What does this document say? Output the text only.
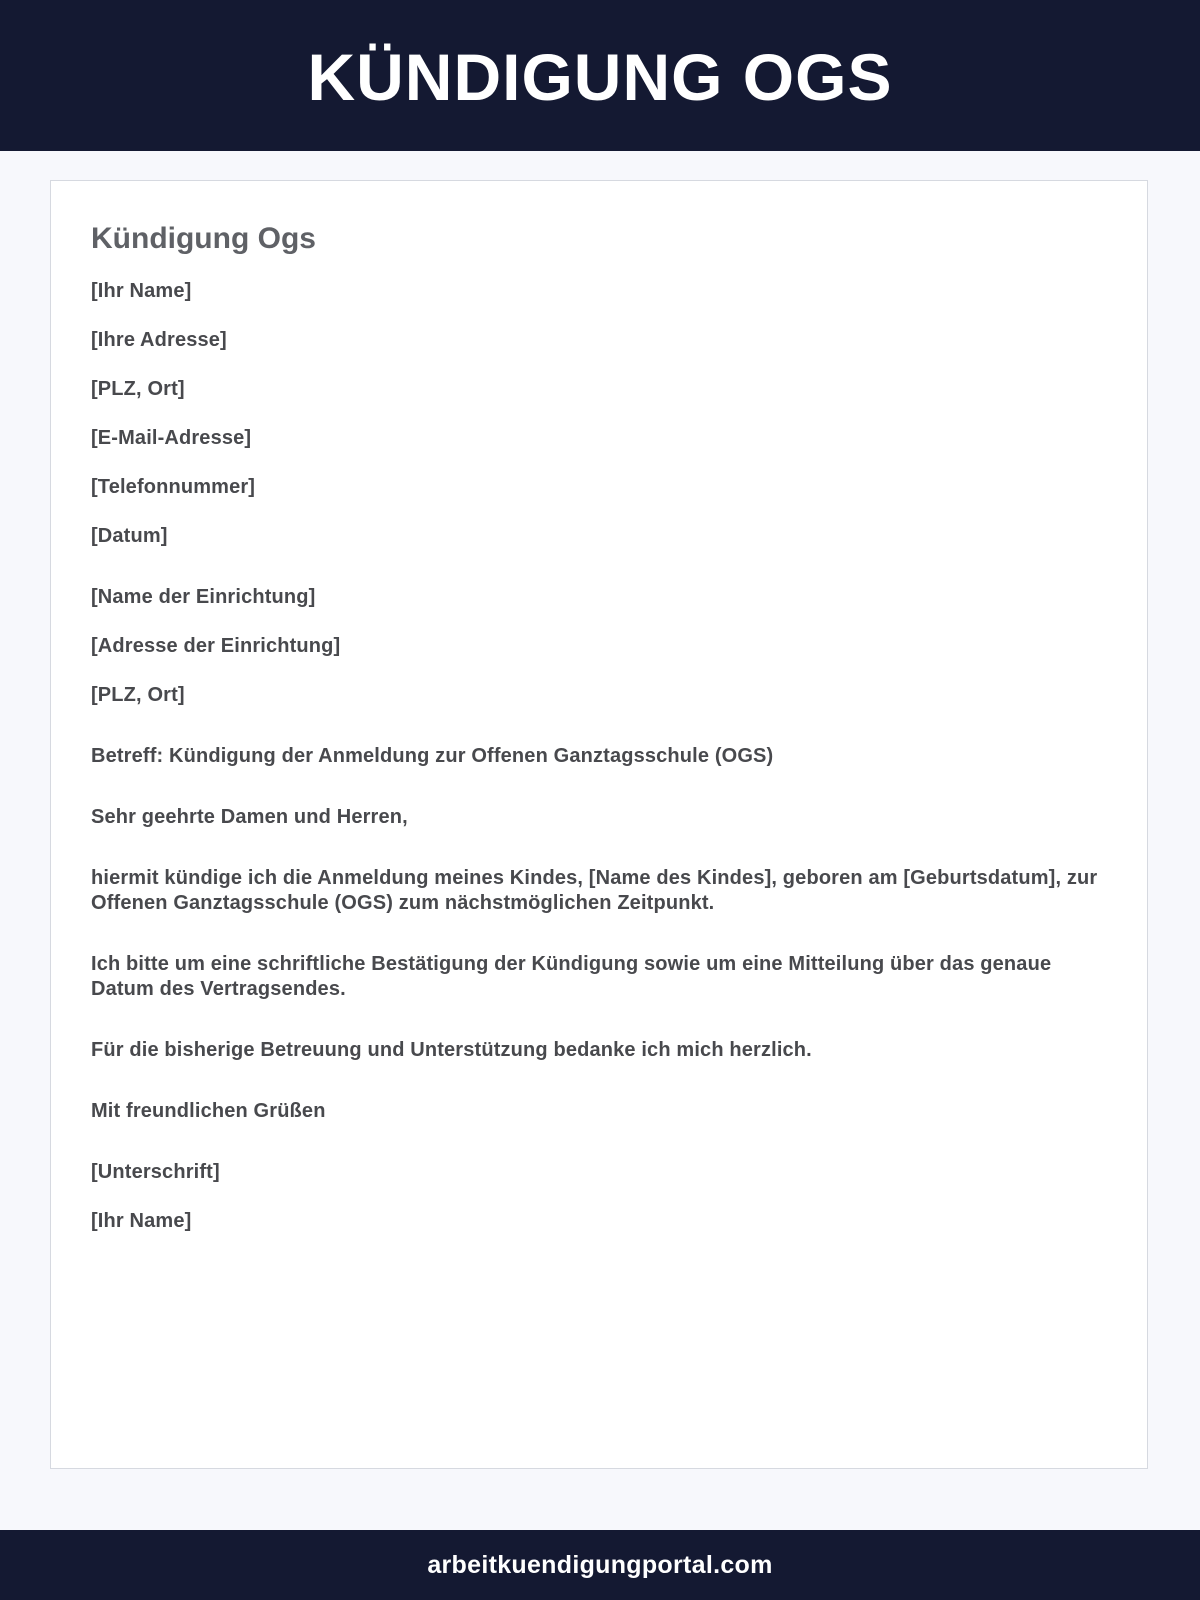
KÜNDIGUNG OGS
Kündigung Ogs

[Ihr Name]

[Ihre Adresse]

[PLZ, Ort]

[E-Mail-Adresse]

[Telefonnummer]

[Datum]

[Name der Einrichtung]

[Adresse der Einrichtung]

[PLZ, Ort]

Betreff: Kündigung der Anmeldung zur Offenen Ganztagsschule (OGS)

Sehr geehrte Damen und Herren,

hiermit kündige ich die Anmeldung meines Kindes, [Name des Kindes], geboren am [Geburtsdatum], zur Offenen Ganztagsschule (OGS) zum nächstmöglichen Zeitpunkt.

Ich bitte um eine schriftliche Bestätigung der Kündigung sowie um eine Mitteilung über das genaue Datum des Vertragsendes.

Für die bisherige Betreuung und Unterstützung bedanke ich mich herzlich.

Mit freundlichen Grüßen

[Unterschrift]

[Ihr Name]

arbeitkuendigungportal.com
